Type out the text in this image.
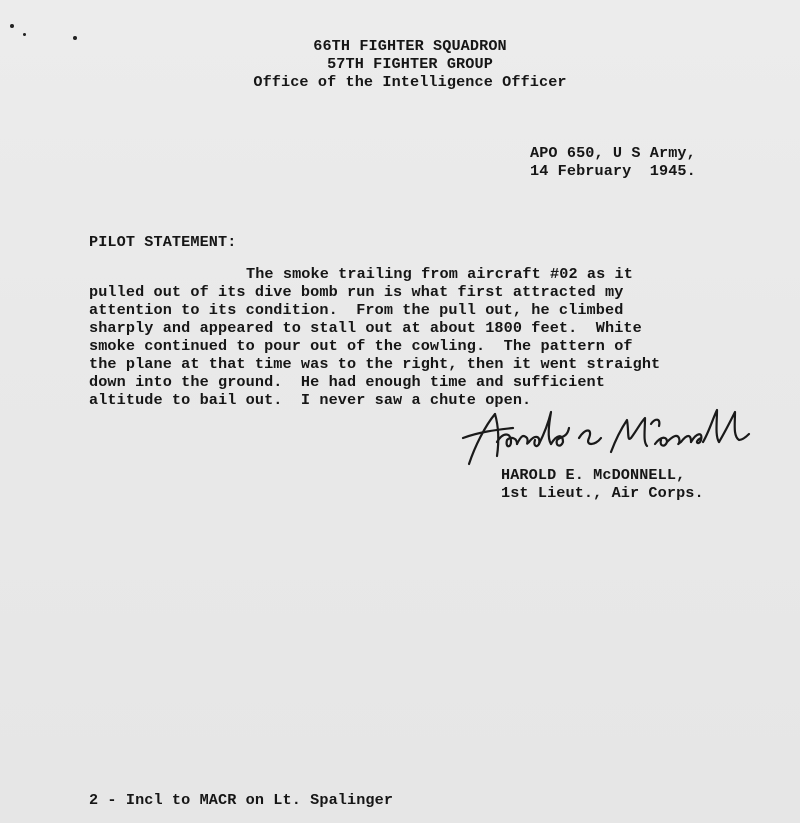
66TH FIGHTER SQUADRON
57TH FIGHTER GROUP
Office of the Intelligence Officer
APO 650, U S Army,
14 February  1945.
PILOT STATEMENT:
The smoke trailing from aircraft #02 as it
pulled out of its dive bomb run is what first attracted my
attention to its condition.  From the pull out, he climbed
sharply and appeared to stall out at about 1800 feet.  White
smoke continued to pour out of the cowling.  The pattern of
the plane at that time was to the right, then it went straight
down into the ground.  He had enough time and sufficient
altitude to bail out.  I never saw a chute open.
HAROLD E. McDONNELL,
1st Lieut., Air Corps.
2 - Incl to MACR on Lt. Spalinger
